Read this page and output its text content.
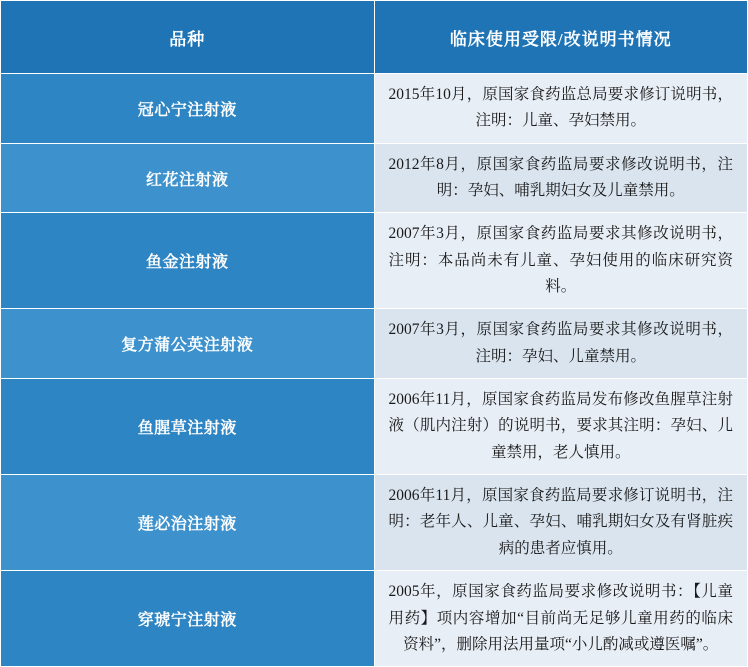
品种	临床使用受限/改说明书情况
冠心宁注射液	2015年10月，原国家食药监总局要求修订说明书，注明：儿童、孕妇禁用。
红花注射液	2012年8月，原国家食药监局要求修改说明书，注明：孕妇、哺乳期妇女及儿童禁用。
鱼金注射液	2007年3月，原国家食药监局要求其修改说明书，注明：本品尚未有儿童、孕妇使用的临床研究资料。
复方蒲公英注射液	2007年3月，原国家食药监局要求其修改说明书，注明：孕妇、儿童禁用。
鱼腥草注射液	2006年11月，原国家食药监局发布修改鱼腥草注射液（肌内注射）的说明书，要求其注明：孕妇、儿童禁用，老人慎用。
莲必治注射液	2006年11月，原国家食药监局要求修订说明书，注明：老年人、儿童、孕妇、哺乳期妇女及有肾脏疾病的患者应慎用。
穿琥宁注射液	2005年，原国家食药监局要求修改说明书：【儿童用药】项内容增加“目前尚无足够儿童用药的临床资料”，删除用法用量项“小儿酌减或遵医嘱”。
